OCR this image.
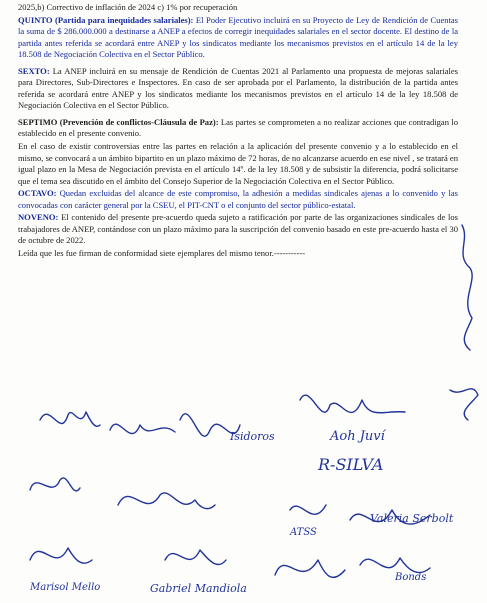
2025,b) Correctivo de inflación de 2024 c) 1% por recuperación

QUINTO (Partida para inequidades salariales): El Poder Ejecutivo incluirá en su Proyecto de Ley de Rendición de Cuentas la suma de $ 286.000.000 a destinarse a ANEP a efectos de corregir inequidades salariales en el sector docente. El destino de la partida antes referida se acordará entre ANEP y los sindicatos mediante los mecanismos previstos en el artículo 14 de la ley 18.508 de Negociación Colectiva en el Sector Público.

SEXTO: La ANEP incluirá en su mensaje de Rendición de Cuentas 2021 al Parlamento una propuesta de mejoras salariales para Directores, Sub-Directores e Inspectores. En caso de ser aprobada por el Parlamento, la distribución de la partida antes referida se acordará entre ANEP y los sindicatos mediante los mecanismos previstos en el artículo 14 de la ley 18.508 de Negociación Colectiva en el Sector Público.

SEPTIMO (Prevención de conflictos-Cláusula de Paz): Las partes se comprometen a no realizar acciones que contradigan lo establecido en el presente convenio.

En el caso de existir controversias entre las partes en relación a la aplicación del presente convenio y a lo establecido en el mismo, se convocará a un ámbito bipartito en un plazo máximo de 72 horas, de no alcanzarse acuerdo en ese nivel , se tratará en igual plazo en la Mesa de Negociación prevista en el artículo 14º. de la ley 18.508 y de subsistir la diferencia, podrá solicitarse que el tema sea discutido en el ámbito del Consejo Superior de la Negociación Colectiva en el Sector Público.

OCTAVO: Quedan excluidas del alcance de este compromiso, la adhesión a medidas sindicales ajenas a lo convenido y las convocadas con carácter general por la CSEU, el PIT-CNT o el conjunto del sector público-estatal.

NOVENO: El contenido del presente pre-acuerdo queda sujeto a ratificación por parte de las organizaciones sindicales de los trabajadores de ANEP, contándose con un plazo máximo para la suscripción del convenio basado en este pre-acuerdo hasta el 30 de octubre de 2022.

Leída que les fue firman de conformidad siete ejemplares del mismo tenor.-----------

R-SILVA
Isidoros	Aoh Juví
Valeria Serbolt
ATSS
Gabriel Mandiola
Marisol Mello
Bonds
